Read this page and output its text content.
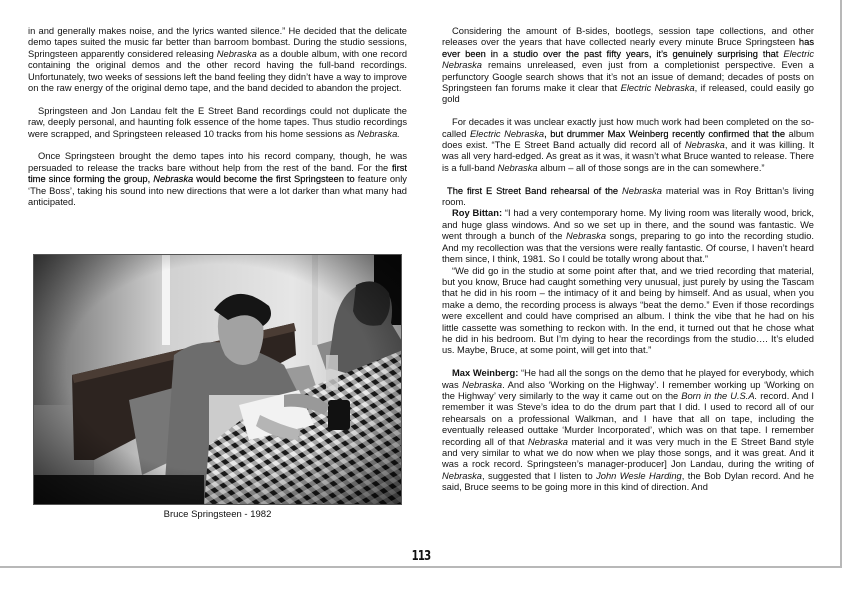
in and generally makes noise, and the lyrics wanted silence.” He decided that the delicate demo tapes suited the music far better than barroom bombast. During the studio sessions, Springsteen apparently considered releasing Nebraska as a double album, with one record containing the original demos and the other record having the full-band recordings. Unfortunately, two weeks of sessions left the band feeling they didn’t have a way to improve on the raw energy of the original demo tape, and the band decided to abandon the project.

Springsteen and Jon Landau felt the E Street Band recordings could not duplicate the raw, deeply personal, and haunting folk essence of the home tapes. Thus studio recordings were scrapped, and Springsteen released 10 tracks from his home sessions as Nebraska.

Once Springsteen brought the demo tapes into his record company, though, he was persuaded to release the tracks bare without help from the rest of the band. For the first time since forming the group, Nebraska would become the first Springsteen to feature only ‘The Boss’, taking his sound into new directions that were a lot darker than what many had anticipated.

Bruce Springsteen - 1982

Considering the amount of B-sides, bootlegs, session tape collections, and other releases over the years that have collected nearly every minute Bruce Springsteen has ever been in a studio over the past fifty years, it’s genuinely surprising that Electric Nebraska remains unreleased, even just from a completionist perspective. Even a perfunctory Google search shows that it’s not an issue of demand; decades of posts on Springsteen fan forums make it clear that Electric Nebraska, if released, could easily go gold

For decades it was unclear exactly just how much work had been completed on the so-called Electric Nebraska, but drummer Max Weinberg recently confirmed that the album does exist. “The E Street Band actually did record all of Nebraska, and it was killing. It was all very hard-edged. As great as it was, it wasn’t what Bruce wanted to release. There is a full-band Nebraska album – all of those songs are in the can somewhere.”

The first E Street Band rehearsal of the Nebraska material was in Roy Brittan’s living room.

Roy Bittan: “I had a very contemporary home. My living room was literally wood, brick, and huge glass windows. And so we set up in there, and the sound was fantastic. We went through a bunch of the Nebraska songs, preparing to go into the recording studio. And my recollection was that the versions were really fantastic. Of course, I haven’t heard them since, I think, 1981. So I could be totally wrong about that.”

“We did go in the studio at some point after that, and we tried recording that material, but you know, Bruce had caught something very unusual, just purely by using the Tascam that he did in his room – the intimacy of it and being by himself. And as usual, when you make a demo, the recording process is always “beat the demo.” Even if those recordings were excellent and could have comprised an album. I think the vibe that he had on his little cassette was something to reckon with. In the end, it turned out that he chose what he did in his bedroom. But I’m dying to hear the recordings from the studio…. It’s eluded us. Maybe, Bruce, at some point, will get into that.”

Max Weinberg: “He had all the songs on the demo that he played for everybody, which was Nebraska. And also ‘Working on the Highway’. I remember working up ‘Working on the Highway’ very similarly to the way it came out on the Born in the U.S.A. record. And I remember it was Steve’s idea to do the drum part that I did. I used to record all of our rehearsals on a professional Walkman, and I have that all on tape, including the eventually released outtake ‘Murder Incorporated’, which was on that tape. I remember recording all of that Nebraska material and it was very much in the E Street Band style and very similar to what we do now when we play those songs, and it was great. And it was a rock record. Springsteen’s manager-producer] Jon Landau, during the writing of Nebraska, suggested that I listen to John Wesle Harding, the Bob Dylan record. And he said, Bruce seems to be going more in this kind of direction. And

113
